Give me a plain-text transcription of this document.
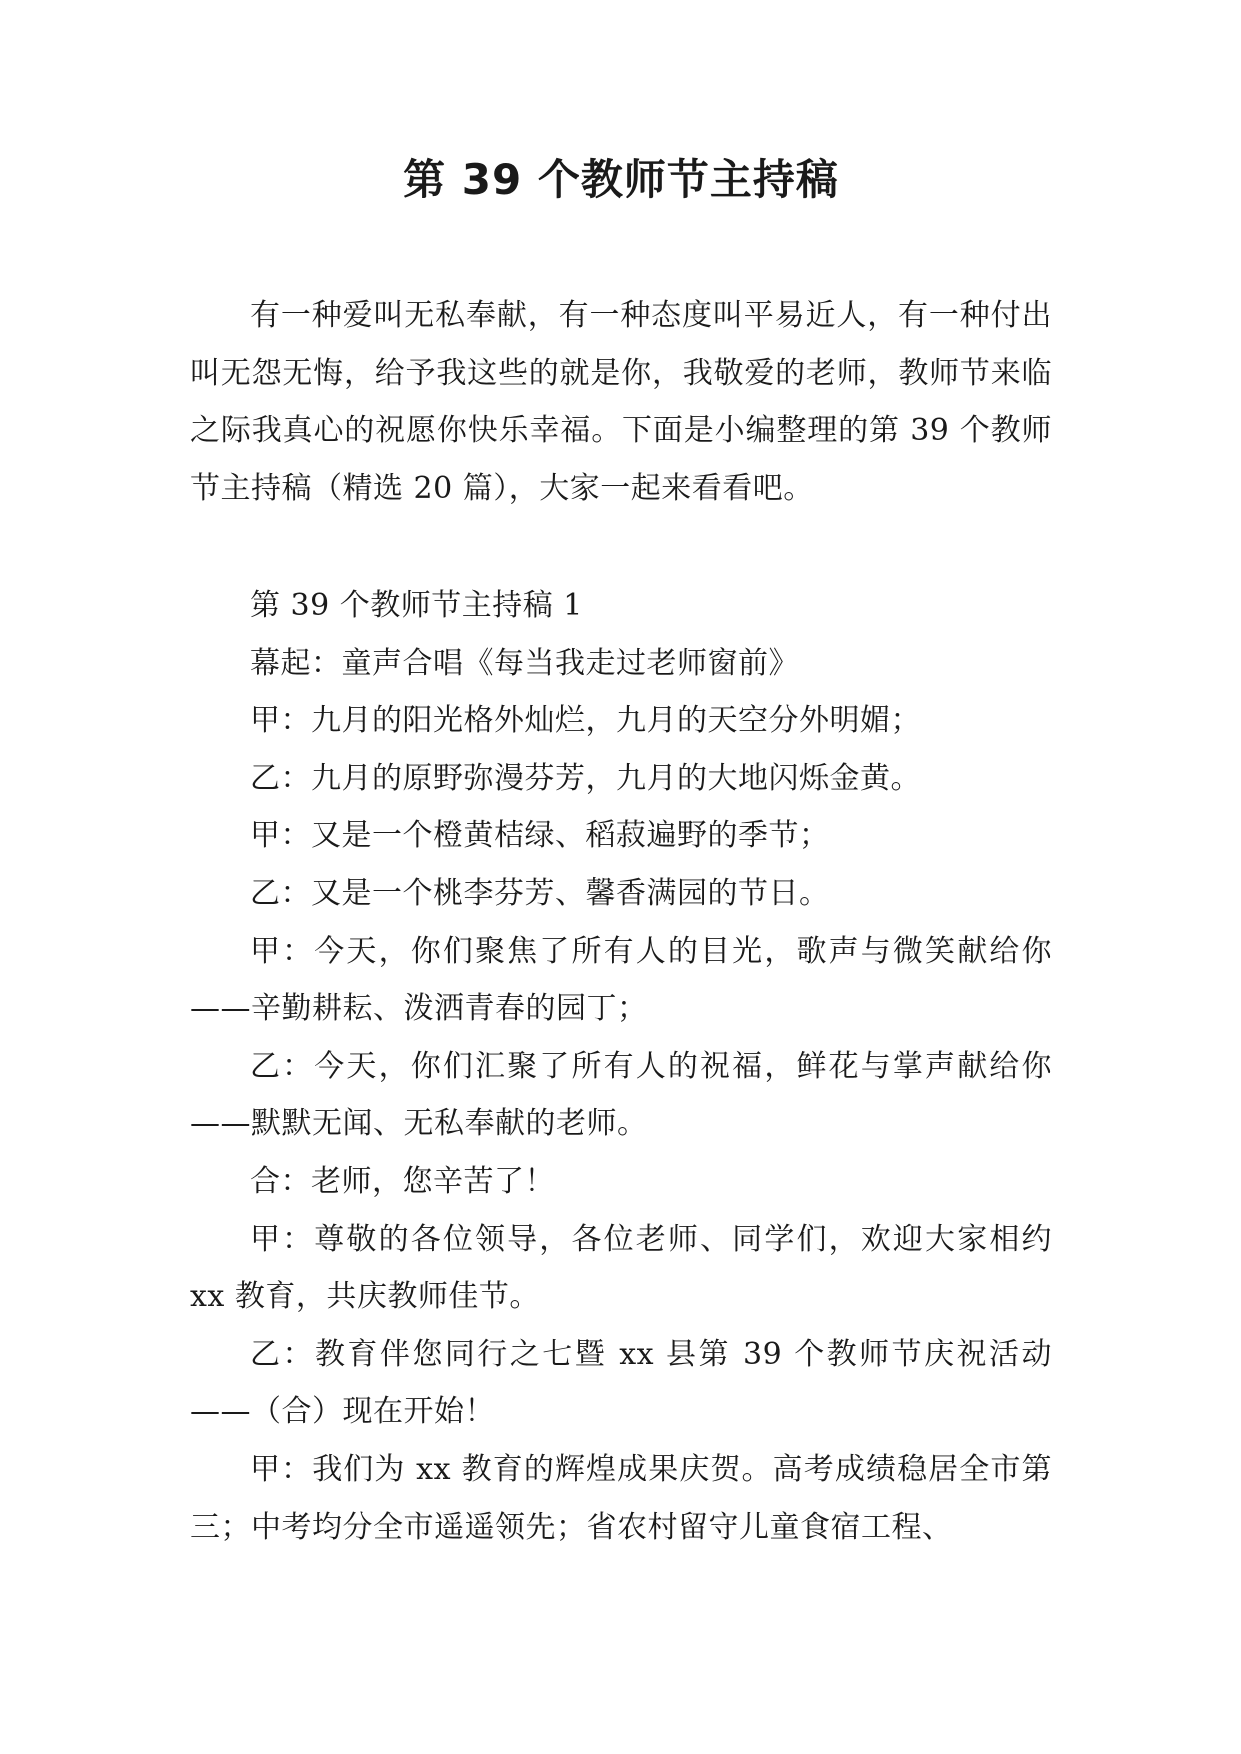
第 39 个教师节主持稿

有一种爱叫无私奉献，有一种态度叫平易近人，有一种付出叫无怨无悔，给予我这些的就是你，我敬爱的老师，教师节来临之际我真心的祝愿你快乐幸福。下面是小编整理的第 39 个教师节主持稿（精选 20 篇），大家一起来看看吧。

第 39 个教师节主持稿 1

幕起：童声合唱《每当我走过老师窗前》

甲：九月的阳光格外灿烂，九月的天空分外明媚；

乙：九月的原野弥漫芬芳，九月的大地闪烁金黄。

甲：又是一个橙黄桔绿、稻菽遍野的季节；

乙：又是一个桃李芬芳、馨香满园的节日。

甲：今天，你们聚焦了所有人的目光，歌声与微笑献给你——辛勤耕耘、泼洒青春的园丁；

乙：今天，你们汇聚了所有人的祝福，鲜花与掌声献给你——默默无闻、无私奉献的老师。

合：老师，您辛苦了！

甲：尊敬的各位领导，各位老师、同学们，欢迎大家相约 xx 教育，共庆教师佳节。

乙：教育伴您同行之七暨 xx 县第 39 个教师节庆祝活动——（合）现在开始！

甲：我们为 xx 教育的辉煌成果庆贺。高考成绩稳居全市第三；中考均分全市遥遥领先；省农村留守儿童食宿工程、
